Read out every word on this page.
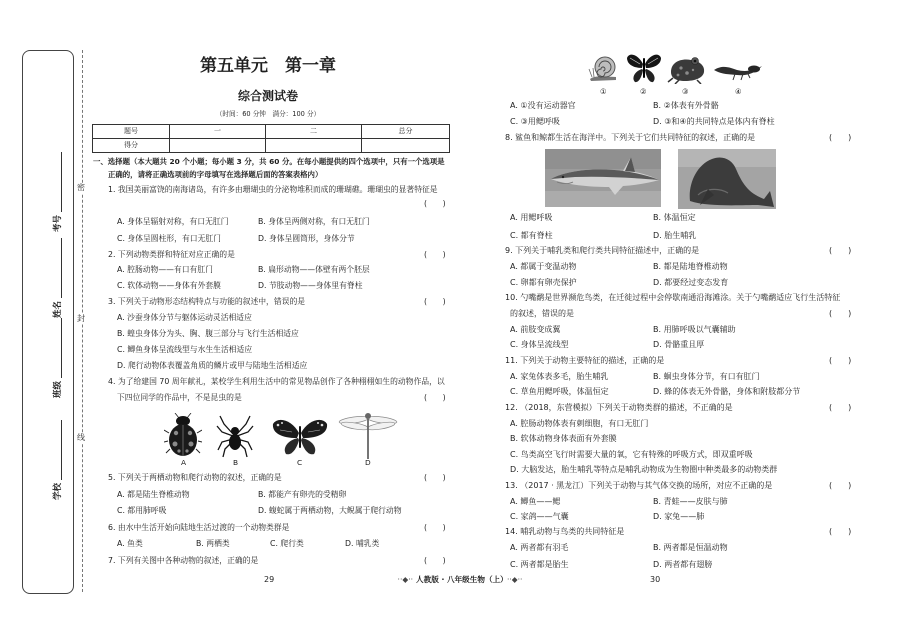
考号
姓名
班级
学校
密
封
线
第五单元　第一章
综合测试卷
（时间：60 分钟　满分：100 分）
题号	一	二	总分
得分			
一、选择题（本大题共 20 个小题；每小题 3 分，共 60 分。在每小题提供的四个选项中，只有一个选项是
正确的，请将正确选项前的字母填写在选择题后面的答案表格内）
1. 我国美丽富饶的南海诸岛，有许多由珊瑚虫的分泌物堆积而成的珊瑚礁。珊瑚虫的显著特征是
(　　)
A. 身体呈辐射对称，有口无肛门	B. 身体呈两侧对称，有口无肛门
C. 身体呈圆柱形，有口无肛门	D. 身体呈圆筒形，身体分节
2. 下列动物类群和特征对应正确的是	(　　)
A. 腔肠动物——有口有肛门	B. 扁形动物——体壁有两个胚层
C. 软体动物——身体有外套膜	D. 节肢动物——身体里有脊柱
3. 下列关于动物形态结构特点与功能的叙述中，错误的是	(　　)
A. 沙蚕身体分节与躯体运动灵活相适应
B. 蝗虫身体分为头、胸、腹三部分与飞行生活相适应
C. 鲫鱼身体呈流线型与水生生活相适应
D. 爬行动物体表覆盖角质的鳞片或甲与陆地生活相适应
4. 为了给建国 70 周年献礼，某校学生利用生活中的常见物品创作了各种栩栩如生的动物作品，以
下四位同学的作品中，不是昆虫的是	(　　)
A	B	C	D
5. 下列关于两栖动物和爬行动物的叙述，正确的是	(　　)
A. 都是陆生脊椎动物	B. 都能产有卵壳的受精卵
C. 都用肺呼吸	D. 蝮蛇属于两栖动物，大鲵属于爬行动物
6. 由水中生活开始向陆地生活过渡的一个动物类群是	(　　)
A. 鱼类	B. 两栖类	C. 爬行类	D. 哺乳类
7. 下列有关图中各种动物的叙述，正确的是	(　　)
29	··◆·· 人教版 · 八年级生物（上） ··◆··
①	②	③	④
A. ①没有运动器官	B. ②体表有外骨骼
C. ③用鳃呼吸	D. ③和④的共同特点是体内有脊柱
8. 鲨鱼和鲸都生活在海洋中。下列关于它们共同特征的叙述，正确的是	(　　)
A. 用鳃呼吸	B. 体温恒定
C. 都有脊柱	D. 胎生哺乳
9. 下列关于哺乳类和爬行类共同特征描述中，正确的是	(　　)
A. 都属于变温动物	B. 都是陆地脊椎动物
C. 卵都有卵壳保护	D. 都要经过变态发育
10. 勺嘴鹬是世界濒危鸟类，在迁徙过程中会停歇南通沿海滩涂。关于勺嘴鹬适应飞行生活特征
的叙述，错误的是	(　　)
A. 前肢变成翼	B. 用肺呼吸以气囊辅助
C. 身体呈流线型	D. 骨骼重且厚
11. 下列关于动物主要特征的描述，正确的是	(　　)
A. 家兔体表多毛，胎生哺乳	B. 蛔虫身体分节，有口有肛门
C. 草鱼用鳃呼吸，体温恒定	D. 蜂的体表无外骨骼，身体和附肢都分节
12. （2018，东营模拟）下列关于动物类群的描述，不正确的是	(　　)
A. 腔肠动物体表有刺细胞，有口无肛门
B. 软体动物身体表面有外套膜
C. 鸟类高空飞行时需要大量的氧，它有特殊的呼吸方式，即双重呼吸
D. 大脑发达，胎生哺乳等特点是哺乳动物成为生物圈中种类最多的动物类群
13. （2017 · 黑龙江）下列关于动物与其气体交换的场所，对应不正确的是	(　　)
A. 鲫鱼——鳃	B. 青蛙——皮肤与肺
C. 家鸽——气囊	D. 家兔——肺
14. 哺乳动物与鸟类的共同特征是	(　　)
A. 两者都有羽毛	B. 两者都是恒温动物
C. 两者都是胎生	D. 两者都有翅膀
30
